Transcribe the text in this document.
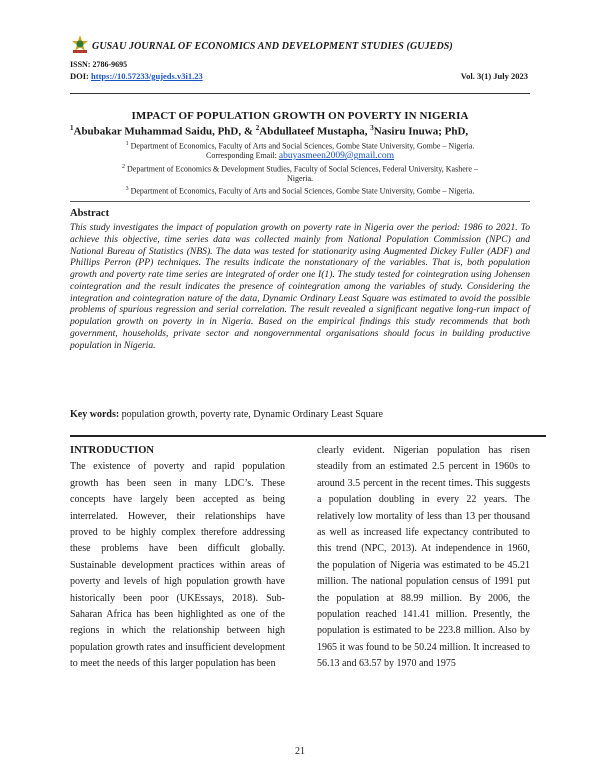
GUSAU JOURNAL OF ECONOMICS AND DEVELOPMENT STUDIES (GUJEDS)
ISSN: 2786-9695
DOI: https://10.57233/gujeds.v3i1.23	Vol. 3(1) July 2023
IMPACT OF POPULATION GROWTH ON POVERTY IN NIGERIA
$^1$Abubakar Muhammad Saidu, PhD, & $^2$Abdullateef Mustapha, $^3$Nasiru Inuwa; PhD,
$^1$ Department of Economics, Faculty of Arts and Social Sciences, Gombe State University, Gombe – Nigeria.
Corresponding Email: abuyasmeen2009@gmail.com
$^2$ Department of Economics & Development Studies, Faculty of Social Sciences, Federal University, Kashere –
Nigeria.
$^3$ Department of Economics, Faculty of Arts and Social Sciences, Gombe State University, Gombe – Nigeria.
Abstract
This study investigates the impact of population growth on poverty rate in Nigeria over the period: 1986 to 2021. To achieve this objective, time series data was collected mainly from National Population Commission (NPC) and National Bureau of Statistics (NBS). The data was tested for stationarity using Augmented Dickey Fuller (ADF) and Phillips Perron (PP) techniques. The results indicate the nonstationary of the variables. That is, both population growth and poverty rate time series are integrated of order one I(1). The study tested for cointegration using Johensen cointegration and the result indicates the presence of cointegration among the variables of study. Considering the integration and cointegration nature of the data, Dynamic Ordinary Least Square was estimated to avoid the possible problems of spurious regression and serial correlation. The result revealed a significant negative long-run impact of population growth on poverty in in Nigeria. Based on the empirical findings this study recommends that both government, households, private sector and nongovernmental organisations should focus in building productive population in Nigeria.
Key words: population growth, poverty rate, Dynamic Ordinary Least Square
INTRODUCTION
The existence of poverty and rapid population growth has been seen in many LDC’s. These concepts have largely been accepted as being interrelated. However, their relationships have proved to be highly complex therefore addressing these problems have been difficult globally. Sustainable development practices within areas of poverty and levels of high population growth have historically been poor (UKEssays, 2018). Sub-Saharan Africa has been highlighted as one of the regions in which the relationship between high population growth rates and insufficient development to meet the needs of this larger population has been
clearly evident. Nigerian population has risen steadily from an estimated 2.5 percent in 1960s to around 3.5 percent in the recent times. This suggests a population doubling in every 22 years. The relatively low mortality of less than 13 per thousand as well as increased life expectancy contributed to this trend (NPC, 2013). At independence in 1960, the population of Nigeria was estimated to be 45.21 million. The national population census of 1991 put the population at 88.99 million. By 2006, the population reached 141.41 million. Presently, the population is estimated to be 223.8 million. Also by 1965 it was found to be 50.24 million. It increased to 56.13 and 63.57 by 1970 and 1975
21
